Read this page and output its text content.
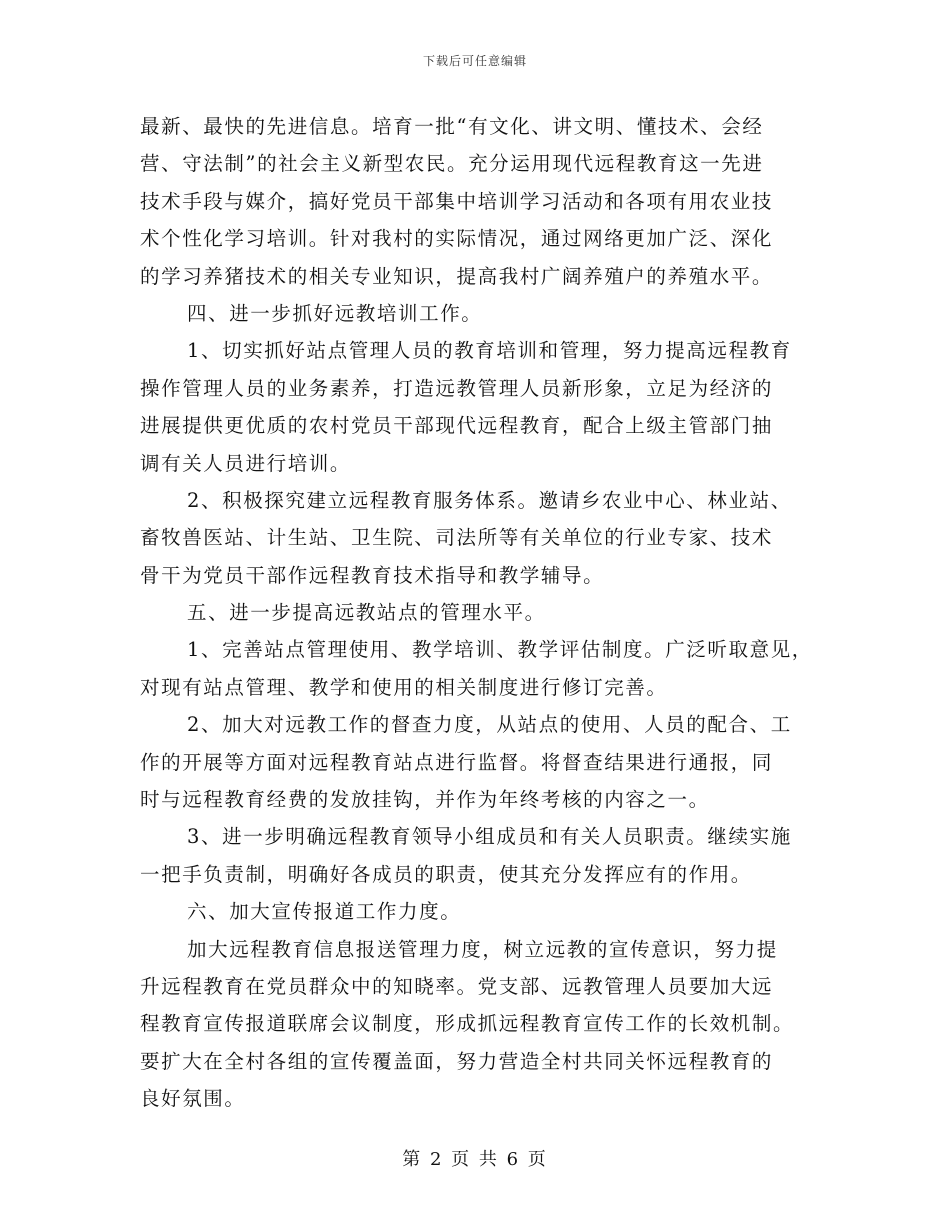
下载后可任意编辑
最新、最快的先进信息。培育一批“有文化、讲文明、懂技术、会经
营、守法制”的社会主义新型农民。充分运用现代远程教育这一先进
技术手段与媒介，搞好党员干部集中培训学习活动和各项有用农业技
术个性化学习培训。针对我村的实际情况，通过网络更加广泛、深化
的学习养猪技术的相关专业知识，提高我村广阔养殖户的养殖水平。
四、进一步抓好远教培训工作。
1、切实抓好站点管理人员的教育培训和管理，努力提高远程教育
操作管理人员的业务素养，打造远教管理人员新形象，立足为经济的
进展提供更优质的农村党员干部现代远程教育，配合上级主管部门抽
调有关人员进行培训。
2、积极探究建立远程教育服务体系。邀请乡农业中心、林业站、
畜牧兽医站、计生站、卫生院、司法所等有关单位的行业专家、技术
骨干为党员干部作远程教育技术指导和教学辅导。
五、进一步提高远教站点的管理水平。
1、完善站点管理使用、教学培训、教学评估制度。广泛听取意见，
对现有站点管理、教学和使用的相关制度进行修订完善。
2、加大对远教工作的督查力度，从站点的使用、人员的配合、工
作的开展等方面对远程教育站点进行监督。将督查结果进行通报，同
时与远程教育经费的发放挂钩，并作为年终考核的内容之一。
3、进一步明确远程教育领导小组成员和有关人员职责。继续实施
一把手负责制，明确好各成员的职责，使其充分发挥应有的作用。
六、加大宣传报道工作力度。
加大远程教育信息报送管理力度，树立远教的宣传意识，努力提
升远程教育在党员群众中的知晓率。党支部、远教管理人员要加大远
程教育宣传报道联席会议制度，形成抓远程教育宣传工作的长效机制。
要扩大在全村各组的宣传覆盖面，努力营造全村共同关怀远程教育的
良好氛围。
第 2 页 共 6 页
